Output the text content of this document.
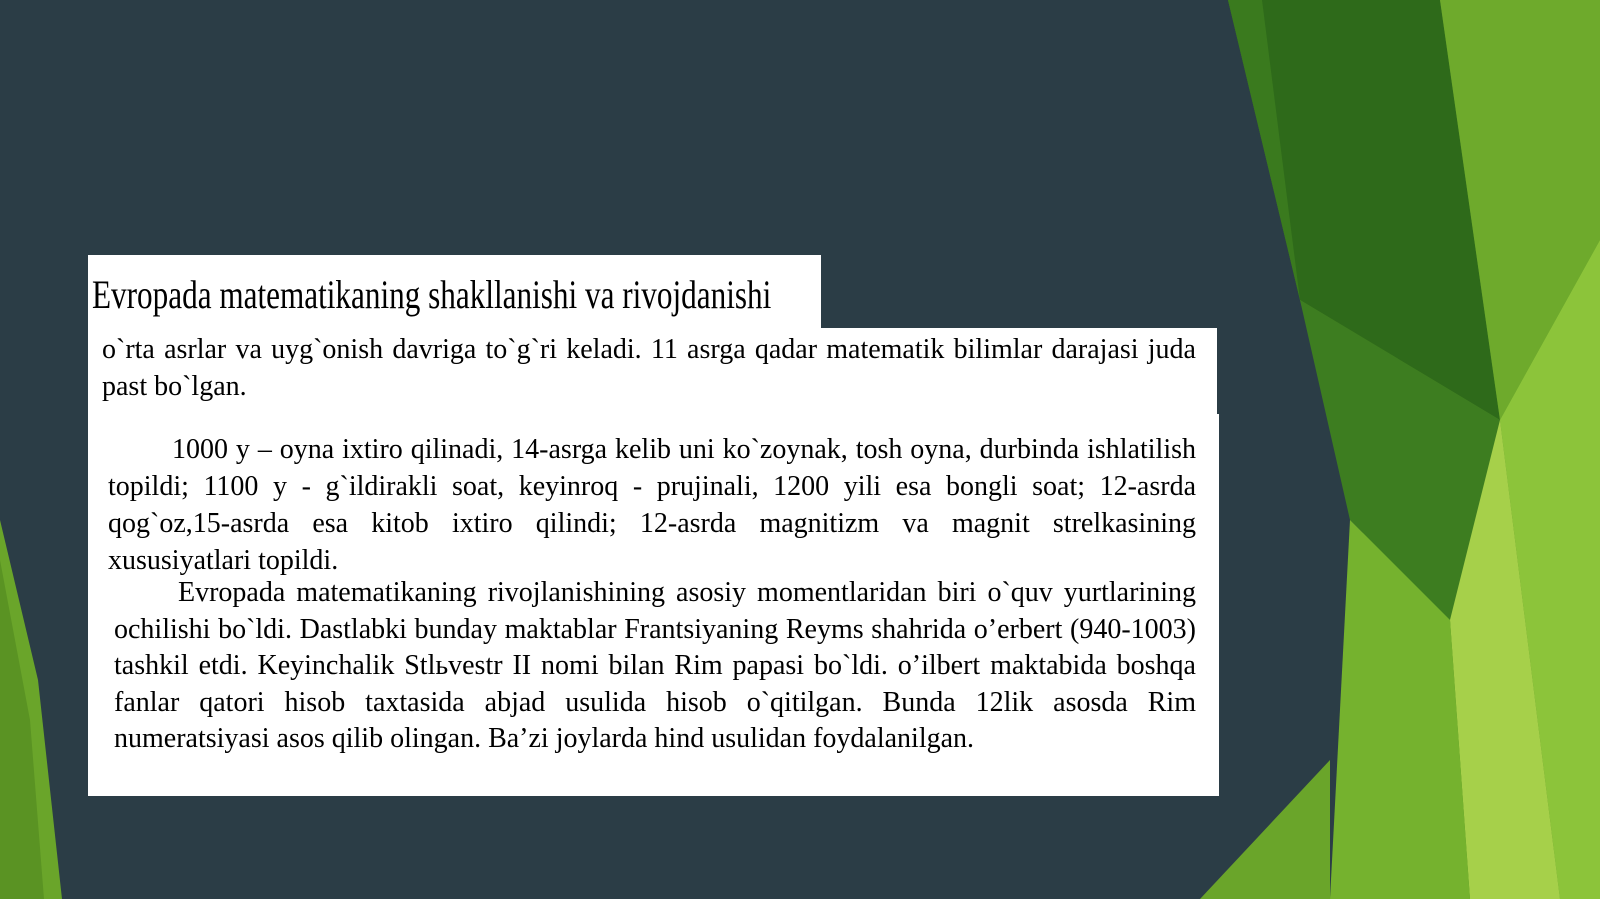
Evropada matematikaning shakllanishi va rivojdanishi
o`rta asrlar va uyg`onish davriga to`g`ri keladi. 11 asrga qadar matematik bilimlar darajasi juda past bo`lgan.
1000 y – oyna ixtiro qilinadi, 14-asrga kelib uni ko`zoynak, tosh oyna, durbinda ishlatilish topildi; 1100 y - g`ildirakli soat, keyinroq - prujinali, 1200 yili esa bongli soat; 12-asrda qog`oz,15-asrda esa kitob ixtiro qilindi; 12-asrda magnitizm va magnit strelkasining xususiyatlari topildi.
Evropada matematikaning rivojlanishining asosiy momentlaridan biri o`quv yurtlarining ochilishi bo`ldi. Dastlabki bunday maktablar Frantsiyaning Reyms shahrida o’erbert (940-1003) tashkil etdi. Keyinchalik Stlьvestr II nomi bilan Rim papasi bo`ldi. o’ilbert maktabida boshqa fanlar qatori hisob taxtasida abjad usulida hisob o`qitilgan. Bunda 12lik asosda Rim numeratsiyasi asos qilib olingan. Ba’zi joylarda hind usulidan foydalanilgan.
